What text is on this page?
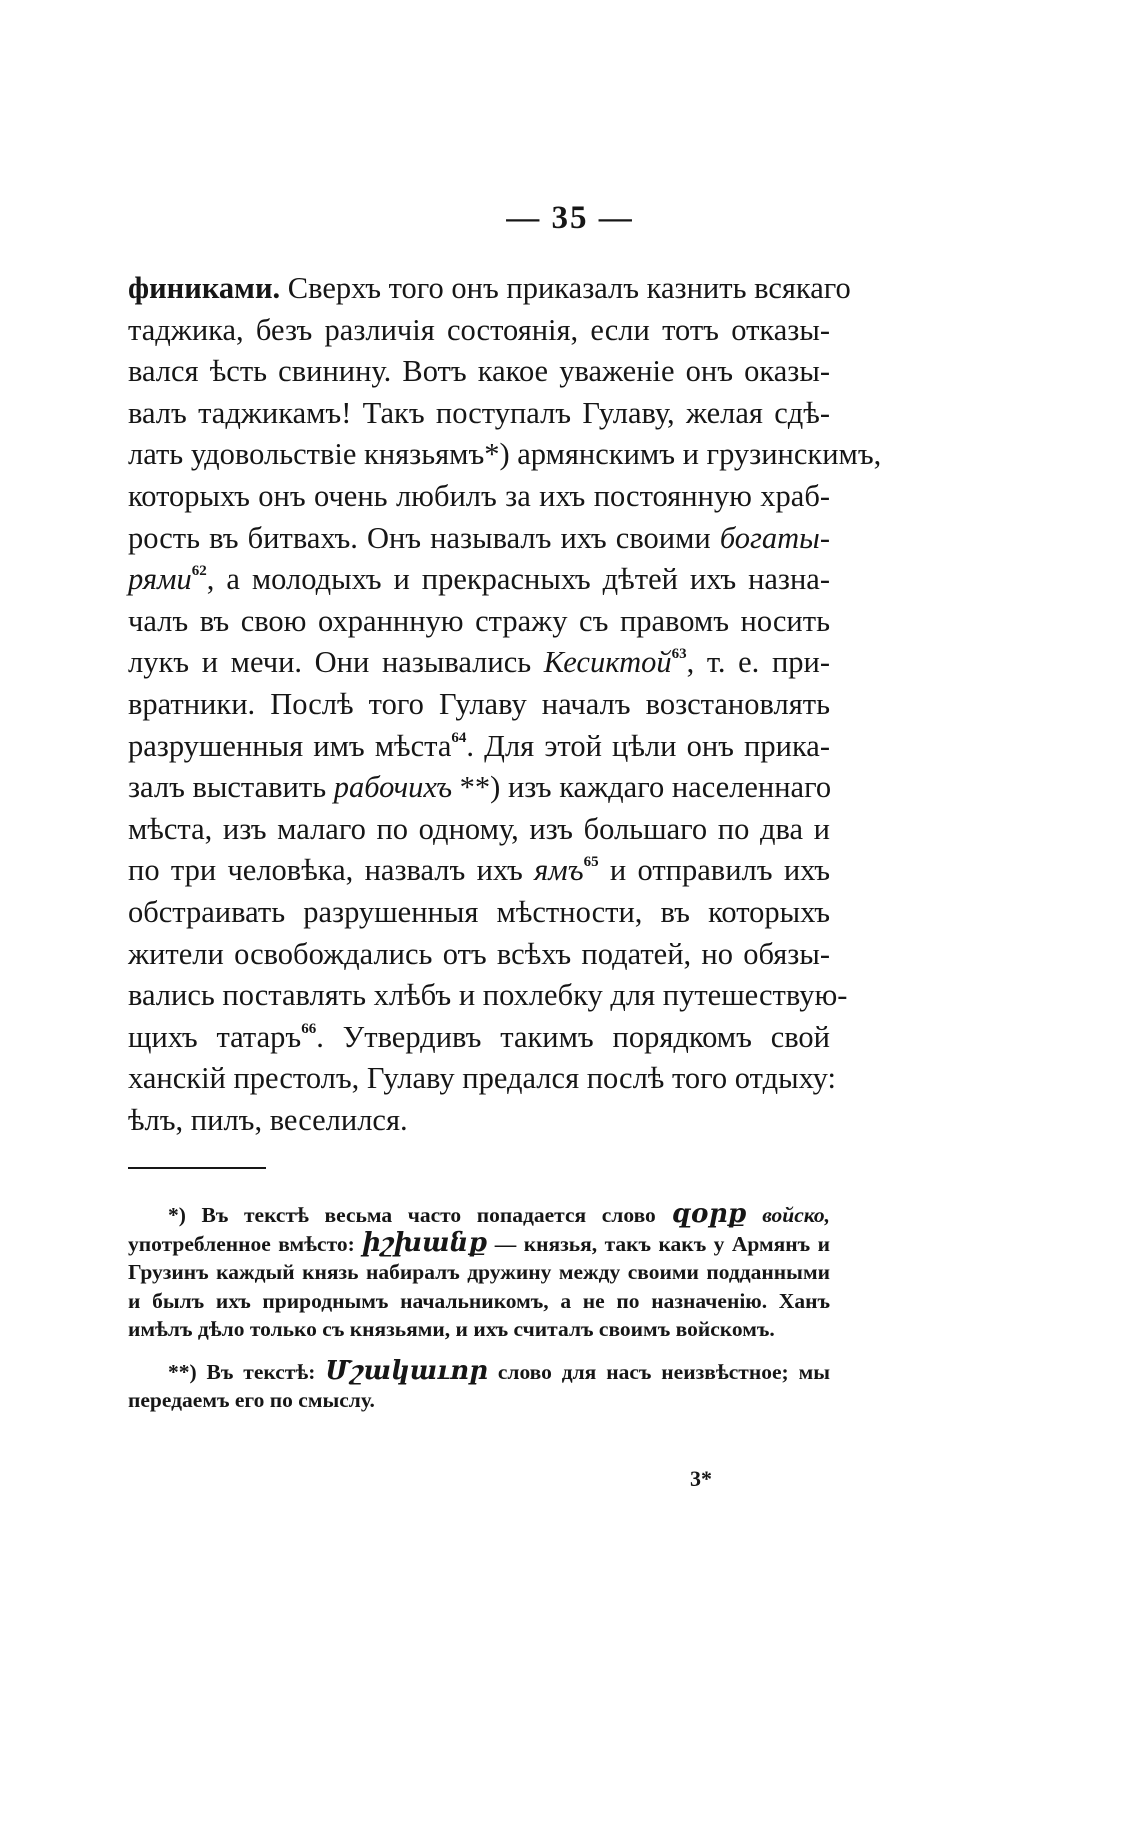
— 35 —
финиками. Сверхъ того онъ приказалъ казнить всякаго
таджика, безъ различія состоянія, если тотъ отказы-
вался ѣсть свинину. Вотъ какое уваженіе онъ оказы-
валъ таджикамъ! Такъ поступалъ Гулаву, желая сдѣ-
лать удовольствіе князьямъ*) армянскимъ и грузинскимъ,
которыхъ онъ очень любилъ за ихъ постоянную храб-
рость въ битвахъ. Онъ называлъ ихъ своими богаты-
рями$^{62}$, а молодыхъ и прекрасныхъ дѣтей ихъ назна-
чалъ въ свою охраннную стражу съ правомъ носить
лукъ и мечи. Они назывались Кесиктой$^{63}$, т. е. при-
вратники. Послѣ того Гулаву началъ возстановлять
разрушенныя имъ мѣста$^{64}$. Для этой цѣли онъ прика-
залъ выставить рабочихъ **) изъ каждаго населеннаго
мѣста, изъ малаго по одному, изъ большаго по два и
по три человѣка, назвалъ ихъ ямъ$^{65}$ и отправилъ ихъ
обстраивать разрушенныя мѣстности, въ которыхъ
жители освобождались отъ всѣхъ податей, но обязы-
вались поставлять хлѣбъ и похлебку для путешествую-
щихъ татаръ$^{66}$. Утвердивъ такимъ порядкомъ свой
ханскій престолъ, Гулаву предался послѣ того отдыху:
ѣлъ, пилъ, веселился.

*) Въ текстѣ весьма часто попадается слово զօրք войско, употребленное вмѣсто: իշխանք — князья, такъ какъ у Армянъ и Грузинъ каждый князь набиралъ дружину между своими подданными и былъ ихъ природнымъ начальникомъ, а не по назначенію. Ханъ имѣлъ дѣло только съ князьями, и ихъ считалъ своимъ войскомъ.

**) Въ текстѣ: Մշակաւոր слово для насъ неизвѣстное; мы передаемъ его по смыслу.

3*
